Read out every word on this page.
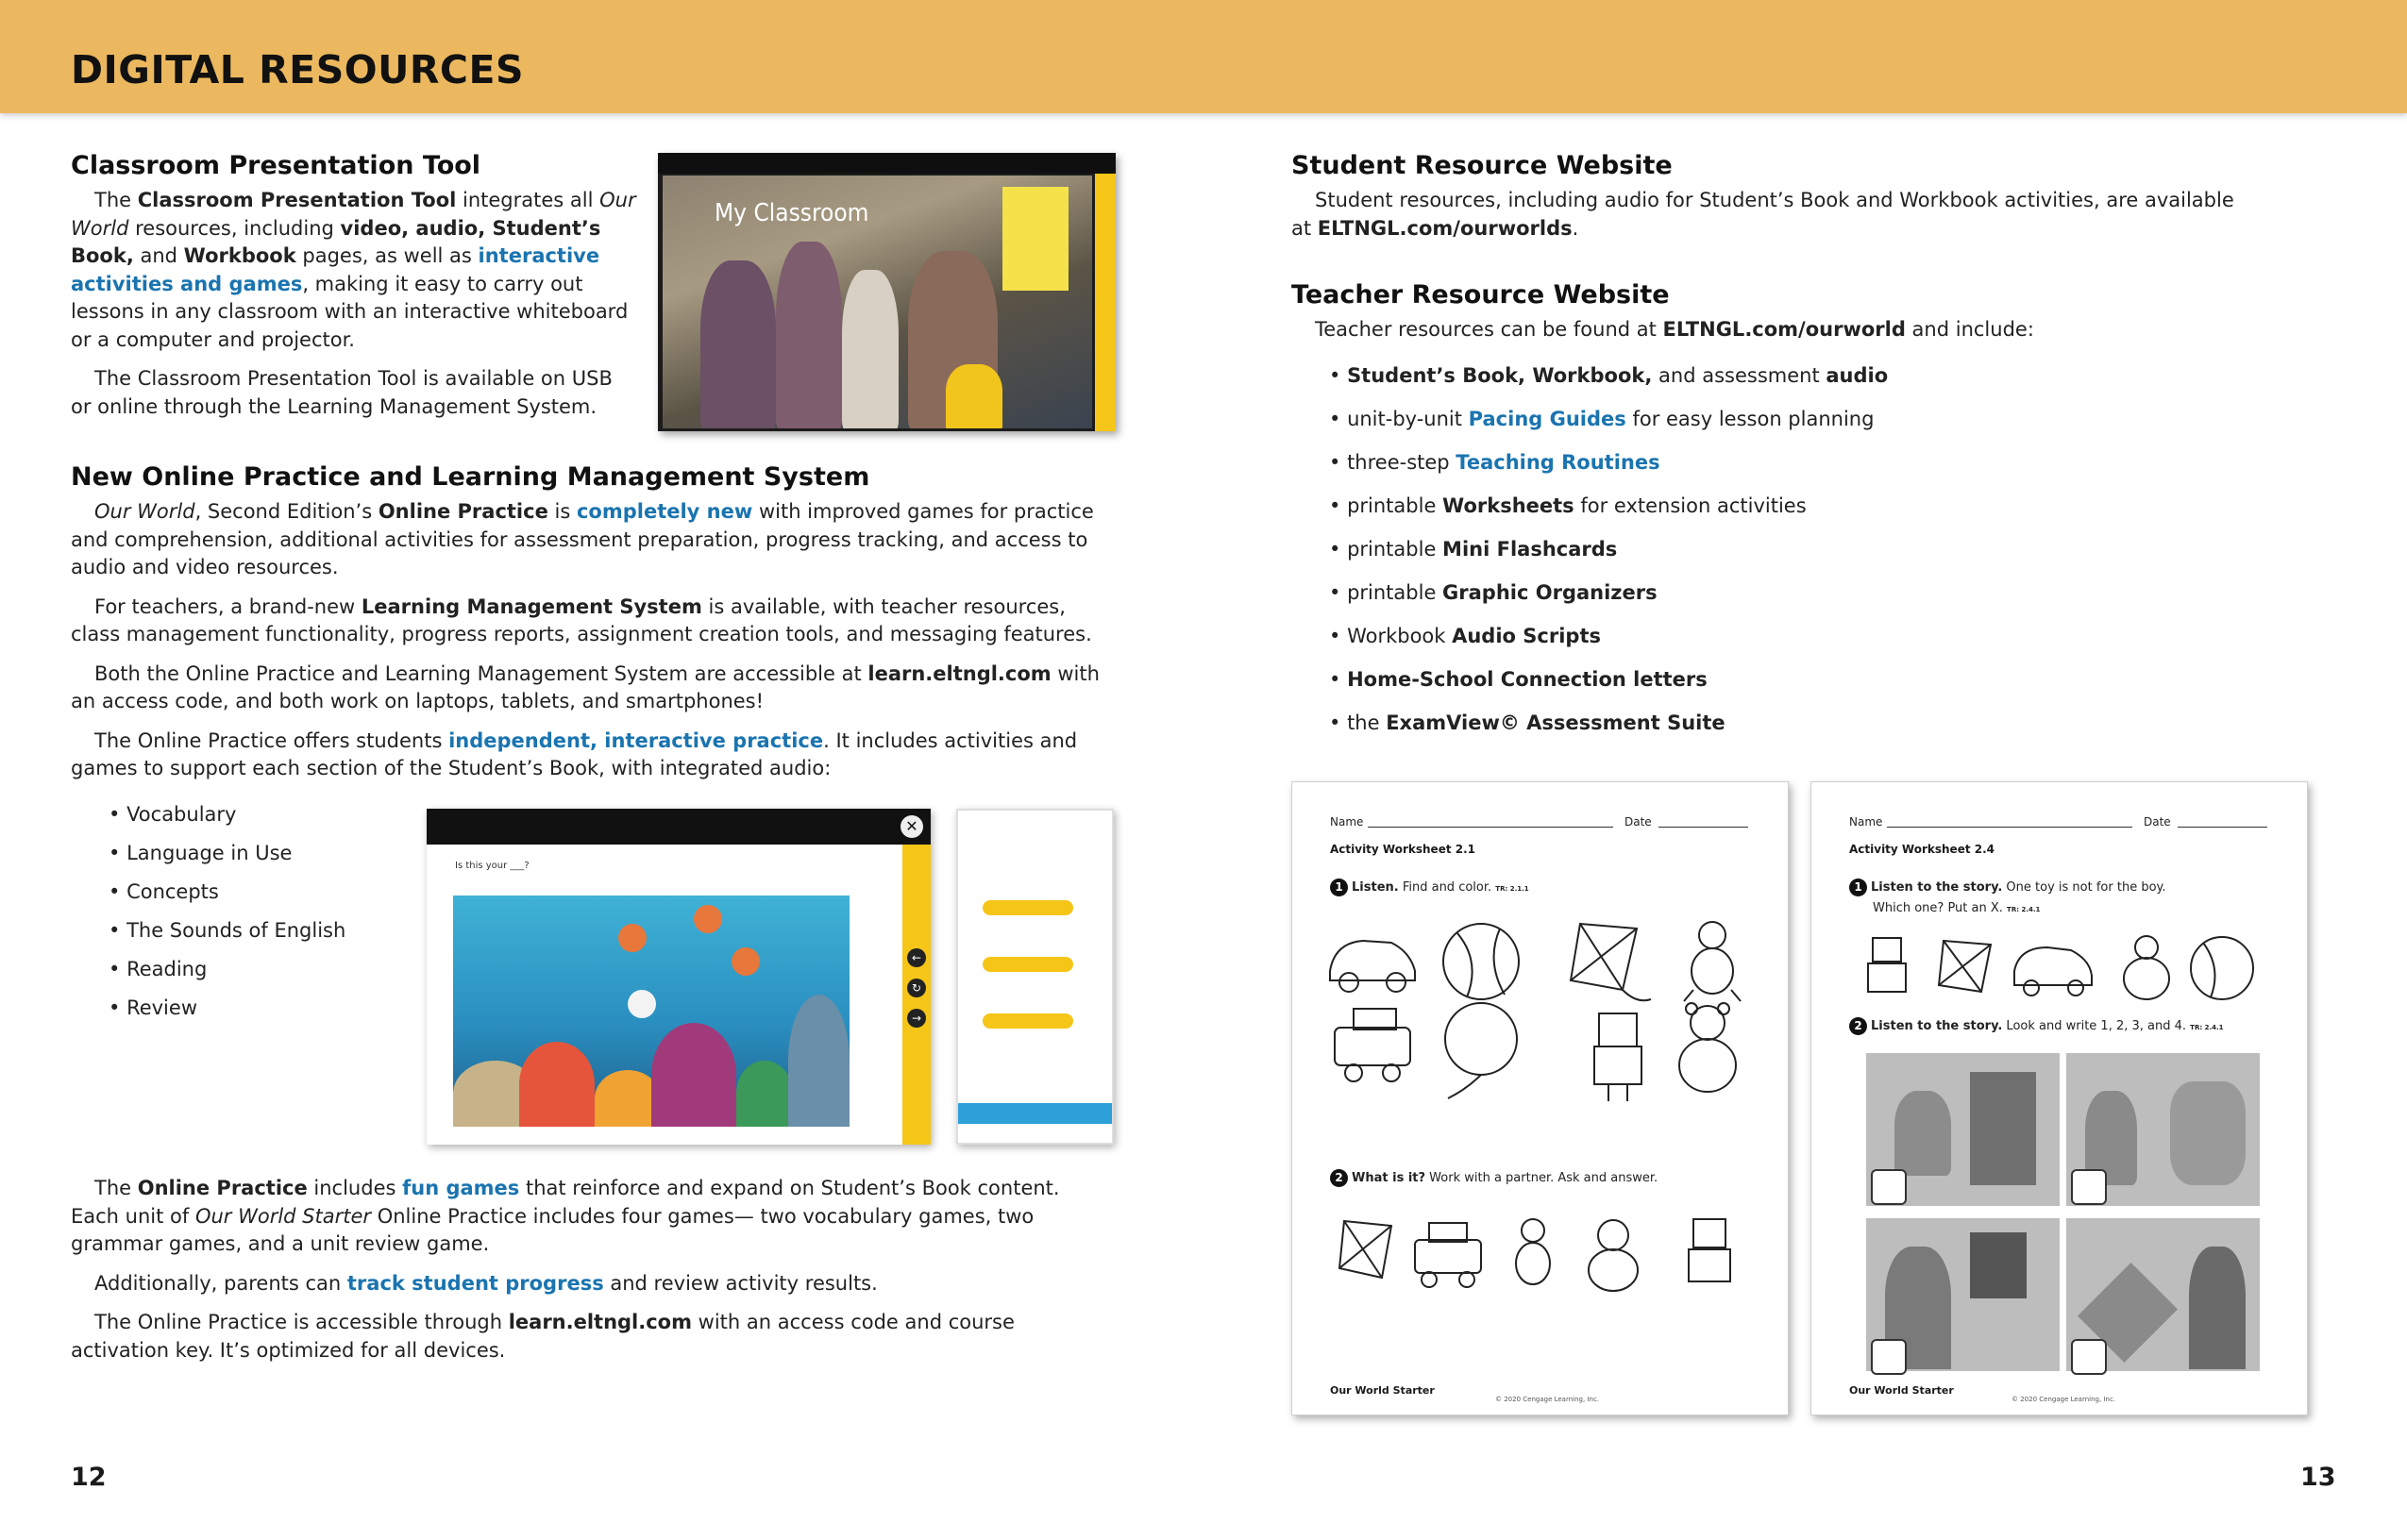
DIGITAL RESOURCES
Classroom Presentation Tool

The Classroom Presentation Tool integrates all Our World resources, including video, audio, Student’s Book, and Workbook pages, as well as interactive activities and games, making it easy to carry out lessons in any classroom with an interactive whiteboard or a computer and projector.

The Classroom Presentation Tool is available on USB or online through the Learning Management System.

My Classroom
New Online Practice and Learning Management System

Our World, Second Edition’s Online Practice is completely new with improved games for practice and comprehension, additional activities for assessment preparation, progress tracking, and access to audio and video resources.

For teachers, a brand-new Learning Management System is available, with teacher resources, class management functionality, progress reports, assignment creation tools, and messaging features.

Both the Online Practice and Learning Management System are accessible at learn.eltngl.com with an access code, and both work on laptops, tablets, and smartphones!

The Online Practice offers students independent, interactive practice. It includes activities and games to support each section of the Student’s Book, with integrated audio:

• Vocabulary
• Language in Use
• Concepts
• The Sounds of English
• Reading
• Review
✕
Is this your ___?
←
↻
→

The Online Practice includes fun games that reinforce and expand on Student’s Book content. Each unit of Our World Starter Online Practice includes four games— two vocabulary games, two grammar games, and a unit review game.

Additionally, parents can track student progress and review activity results.

The Online Practice is accessible through learn.eltngl.com with an access code and course activation key. It’s optimized for all devices.

12
Student Resource Website

Student resources, including audio for Student’s Book and Workbook activities, are available at ELTNGL.com/ourworlds.

Teacher Resource Website

Teacher resources can be found at ELTNGL.com/ourworld and include:

• Student’s Book, Workbook, and assessment audio
• unit-by-unit Pacing Guides for easy lesson planning
• three-step Teaching Routines
• printable Worksheets for extension activities
• printable Mini Flashcards
• printable Graphic Organizers
• Workbook Audio Scripts
• Home-School Connection letters
• the ExamView© Assessment Suite
Name	Date
Activity Worksheet 2.1
1 Listen. Find and color. TR: 2.1.1
2 What is it? Work with a partner. Ask and answer.
Our World Starter
© 2020 Cengage Learning, Inc.
Name	Date
Activity Worksheet 2.4
1 Listen to the story. One toy is not for the boy.
Which one? Put an X. TR: 2.4.1
2 Listen to the story. Look and write 1, 2, 3, and 4. TR: 2.4.1
Our World Starter
© 2020 Cengage Learning, Inc.
13
